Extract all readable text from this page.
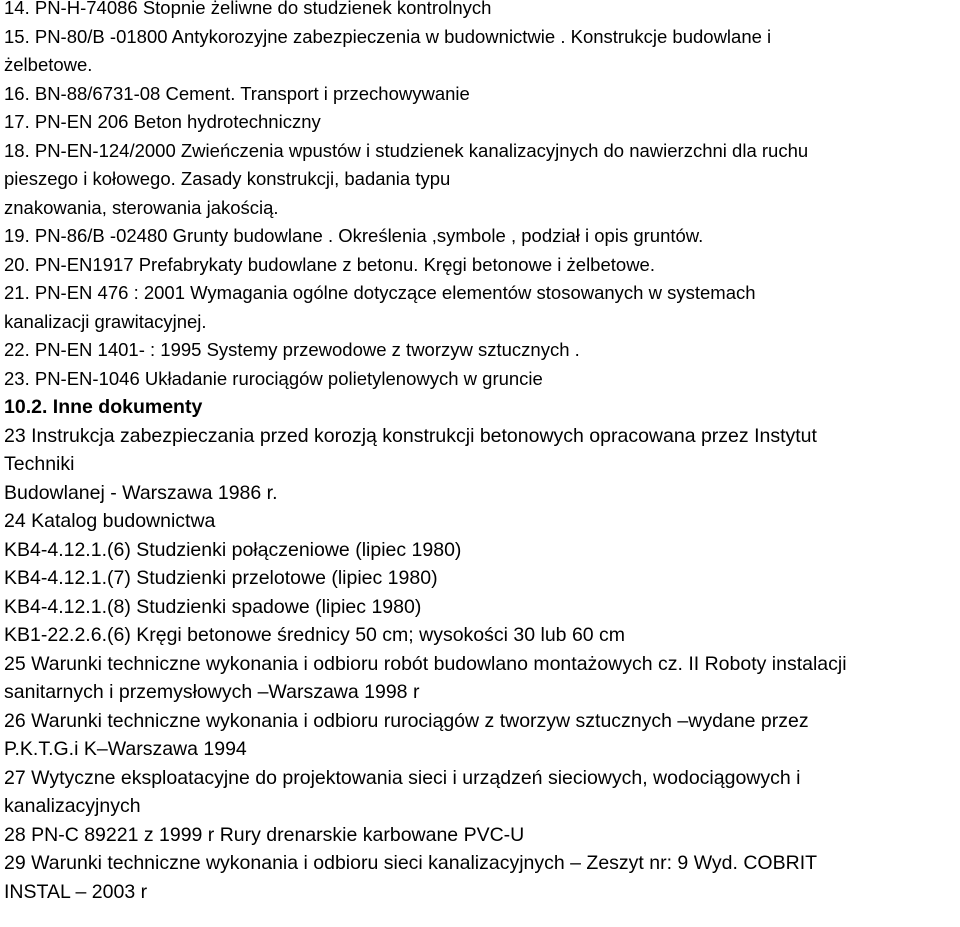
14. PN-H-74086 Stopnie żeliwne do studzienek kontrolnych
15. PN-80/B -01800 Antykorozyjne zabezpieczenia w budownictwie . Konstrukcje budowlane i
żelbetowe.
16. BN-88/6731-08 Cement. Transport i przechowywanie
17. PN-EN 206 Beton hydrotechniczny
18. PN-EN-124/2000 Zwieńczenia wpustów i studzienek kanalizacyjnych do nawierzchni dla ruchu
pieszego i kołowego. Zasady konstrukcji, badania typu
znakowania, sterowania jakością.
19. PN-86/B -02480 Grunty budowlane . Określenia ,symbole , podział i opis gruntów.
20. PN-EN1917 Prefabrykaty budowlane z betonu. Kręgi betonowe i żelbetowe.
21. PN-EN 476 : 2001 Wymagania ogólne dotyczące elementów stosowanych w systemach
kanalizacji grawitacyjnej.
22. PN-EN 1401- : 1995 Systemy przewodowe z tworzyw sztucznych .
23. PN-EN-1046 Układanie rurociągów polietylenowych w gruncie
10.2. Inne dokumenty
23 Instrukcja zabezpieczania przed korozją konstrukcji betonowych opracowana przez Instytut
Techniki
Budowlanej - Warszawa 1986 r.
24 Katalog budownictwa
KB4-4.12.1.(6) Studzienki połączeniowe (lipiec 1980)
KB4-4.12.1.(7) Studzienki przelotowe (lipiec 1980)
KB4-4.12.1.(8) Studzienki spadowe (lipiec 1980)
KB1-22.2.6.(6) Kręgi betonowe średnicy 50 cm; wysokości 30 lub 60 cm
25 Warunki techniczne wykonania i odbioru robót budowlano montażowych cz. II Roboty instalacji
sanitarnych i przemysłowych –Warszawa 1998 r
26 Warunki techniczne wykonania i odbioru rurociągów z tworzyw sztucznych –wydane przez
P.K.T.G.i K–Warszawa 1994
27 Wytyczne eksploatacyjne do projektowania sieci i urządzeń sieciowych, wodociągowych i
kanalizacyjnych
28 PN-C 89221 z 1999 r Rury drenarskie karbowane PVC-U
29 Warunki techniczne wykonania i odbioru sieci kanalizacyjnych – Zeszyt nr: 9 Wyd. COBRIT
INSTAL – 2003 r
